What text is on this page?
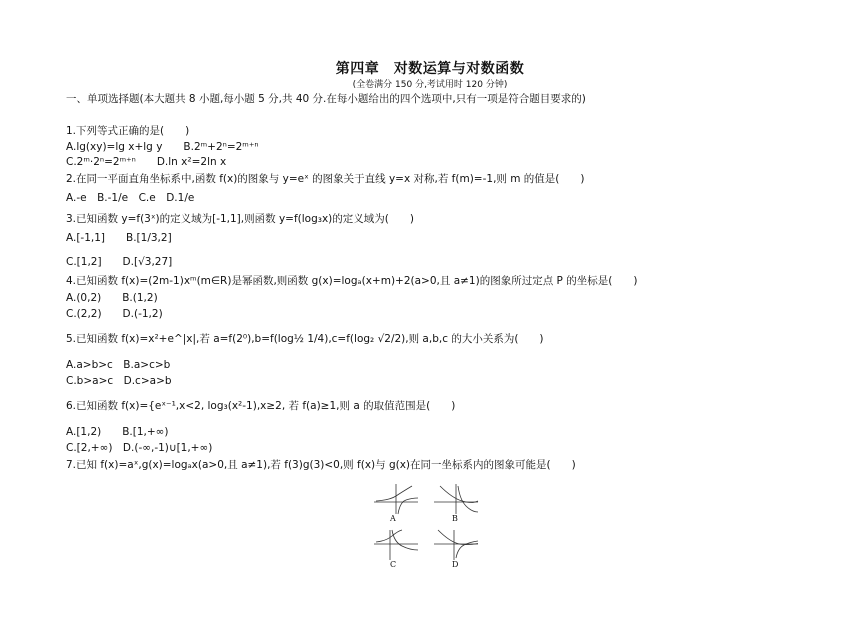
第四章　对数运算与对数函数
(全卷满分 150 分,考试用时 120 分钟)
一、单项选择题(本大题共 8 小题,每小题 5 分,共 40 分.在每小题给出的四个选项中,只有一项是符合题目要求的)
1.下列等式正确的是(　　)
A.lg(xy)=lg x+lg y　　B.2ᵐ+2ⁿ=2ᵐ⁺ⁿ
C.2ᵐ·2ⁿ=2ᵐ⁺ⁿ　　D.ln x²=2ln x
2.在同一平面直角坐标系中,函数 f(x)的图象与 y=eˣ 的图象关于直线 y=x 对称,若 f(m)=-1,则 m 的值是(　　)
A.-e　B.-1/e　C.e　D.1/e
3.已知函数 y=f(3ˣ)的定义域为[-1,1],则函数 y=f(log₃x)的定义域为(　　)
A.[-1,1]　　B.[1/3,2]
C.[1,2]　　D.[√3,27]
4.已知函数 f(x)=(2m-1)xᵐ(m∈R)是幂函数,则函数 g(x)=logₐ(x+m)+2(a>0,且 a≠1)的图象所过定点 P 的坐标是(　　)
A.(0,2)　　B.(1,2)
C.(2,2)　　D.(-1,2)
5.已知函数 f(x)=x²+e^|x|,若 a=f(2⁰),b=f(log½ 1/4),c=f(log₂ √2/2),则 a,b,c 的大小关系为(　　)
A.a>b>c　B.a>c>b
C.b>a>c　D.c>a>b
6.已知函数 f(x)={eˣ⁻¹,x<2, log₃(x²-1),x≥2, 若 f(a)≥1,则 a 的取值范围是(　　)
A.[1,2)　　B.[1,+∞)
C.[2,+∞)　D.(-∞,-1)∪[1,+∞)
7.已知 f(x)=aˣ,g(x)=logₐx(a>0,且 a≠1),若 f(3)g(3)<0,则 f(x)与 g(x)在同一坐标系内的图象可能是(　　)
A	B
C	D
